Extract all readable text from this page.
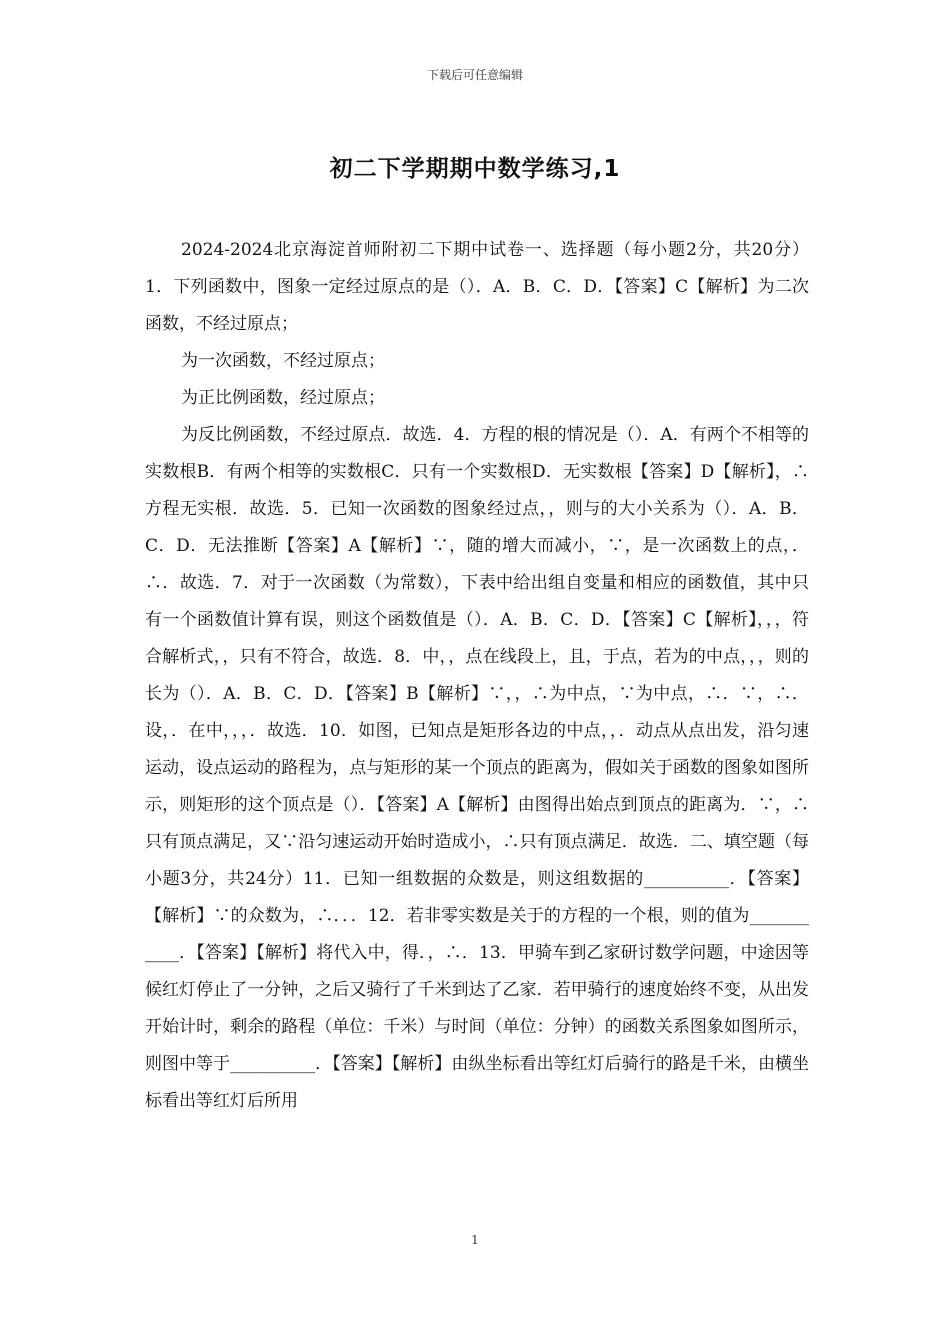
下载后可任意编辑
初二下学期期中数学练习,1

2024-2024北京海淀首师附初二下期中试卷一、选择题（每小题2分，共20分）1．下列函数中，图象一定经过原点的是（）．A．B．C．D．【答案】C【解析】为二次函数，不经过原点；

为一次函数，不经过原点；

为正比例函数，经过原点；

为反比例函数，不经过原点．故选．4．方程的根的情况是（）．A．有两个不相等的实数根B．有两个相等的实数根C．只有一个实数根D．无实数根【答案】D【解析】，∴方程无实根．故选．5．已知一次函数的图象经过点，，则与的大小关系为（）．A．B．C．D．无法推断【答案】A【解析】∵，随的增大而减小，∵，是一次函数上的点，．∴．故选．7．对于一次函数（为常数），下表中给出组自变量和相应的函数值，其中只有一个函数值计算有误，则这个函数值是（）．A．B．C．D．【答案】C【解析】，，，符合解析式，，只有不符合，故选．8．中，，点在线段上，且，于点，若为的中点，，，则的长为（）．A．B．C．D．【答案】B【解析】∵，，∴为中点，∵为中点，∴．∵，∴．设，．在中，，，．故选．10．如图，已知点是矩形各边的中点，，．动点从点出发，沿匀速运动，设点运动的路程为，点与矩形的某一个顶点的距离为，假如关于函数的图象如图所示，则矩形的这个顶点是（）．【答案】A【解析】由图得出始点到顶点的距离为．∵，∴只有顶点满足，又∵沿匀速运动开始时造成小，∴只有顶点满足．故选．二、填空题（每小题3分，共24分）11．已知一组数据的众数是，则这组数据的__________．【答案】【解析】∵的众数为，∴．．．12．若非零实数是关于的方程的一个根，则的值为___________．【答案】【解析】将代入中，得．，∴．13．甲骑车到乙家研讨数学问题，中途因等候红灯停止了一分钟，之后又骑行了千米到达了乙家．若甲骑行的速度始终不变，从出发开始计时，剩余的路程（单位：千米）与时间（单位：分钟）的函数关系图象如图所示，则图中等于__________．【答案】【解析】由纵坐标看出等红灯后骑行的路是千米，由横坐标看出等红灯后所用

1
